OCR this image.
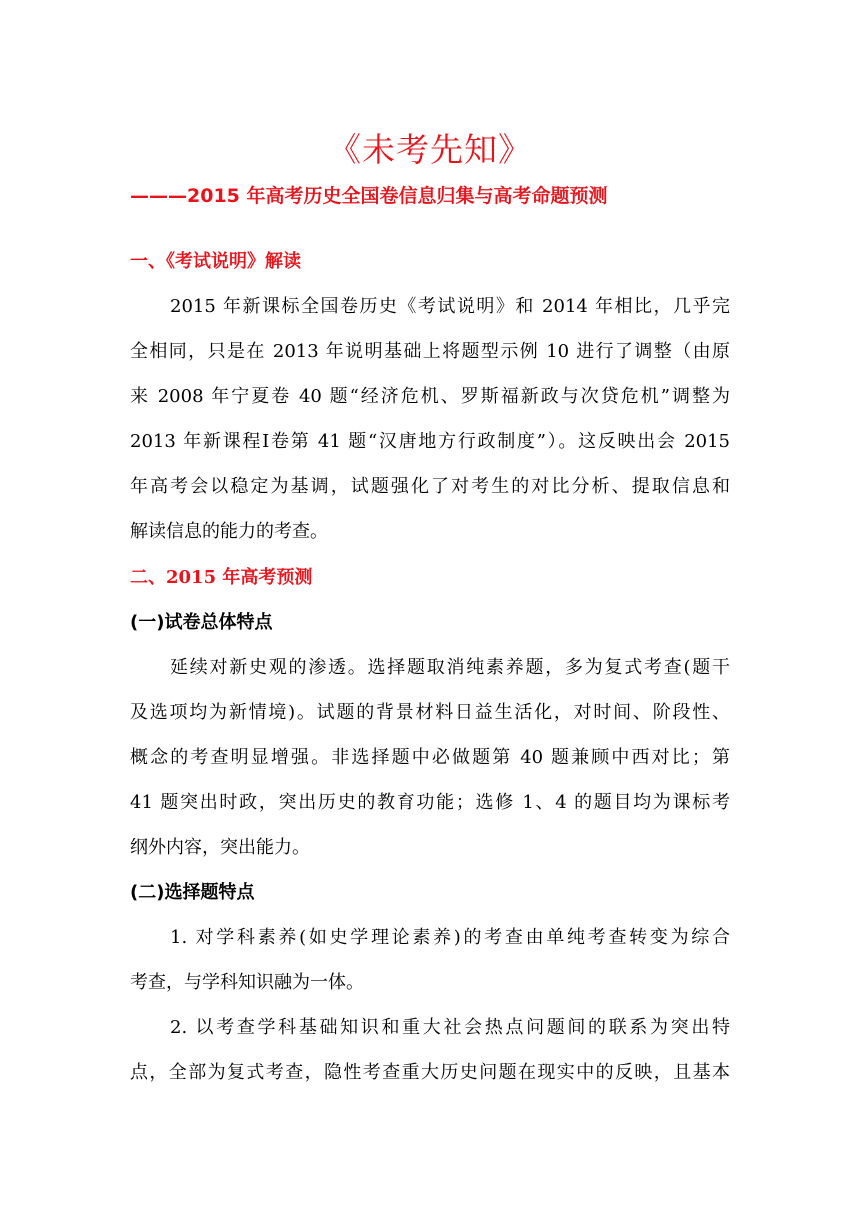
《未考先知》
———2015 年高考历史全国卷信息归集与高考命题预测
一、《考试说明》解读
2015 年新课标全国卷历史《考试说明》和 2014 年相比，几乎完
全相同，只是在 2013 年说明基础上将题型示例 10 进行了调整（由原
来 2008 年宁夏卷 40 题“经济危机、罗斯福新政与次贷危机”调整为
2013 年新课程Ⅰ卷第 41 题“汉唐地方行政制度”）。这反映出会 2015
年高考会以稳定为基调，试题强化了对考生的对比分析、提取信息和
解读信息的能力的考查。
二、2015 年高考预测
(一)试卷总体特点
延续对新史观的渗透。选择题取消纯素养题，多为复式考查(题干
及选项均为新情境)。试题的背景材料日益生活化，对时间、阶段性、
概念的考查明显增强。非选择题中必做题第 40 题兼顾中西对比；第
41 题突出时政，突出历史的教育功能；选修 1、4 的题目均为课标考
纲外内容，突出能力。
(二)选择题特点
1. 对学科素养(如史学理论素养)的考查由单纯考查转变为综合
考查，与学科知识融为一体。
2. 以考查学科基础知识和重大社会热点问题间的联系为突出特
点，全部为复式考查，隐性考查重大历史问题在现实中的反映，且基本
